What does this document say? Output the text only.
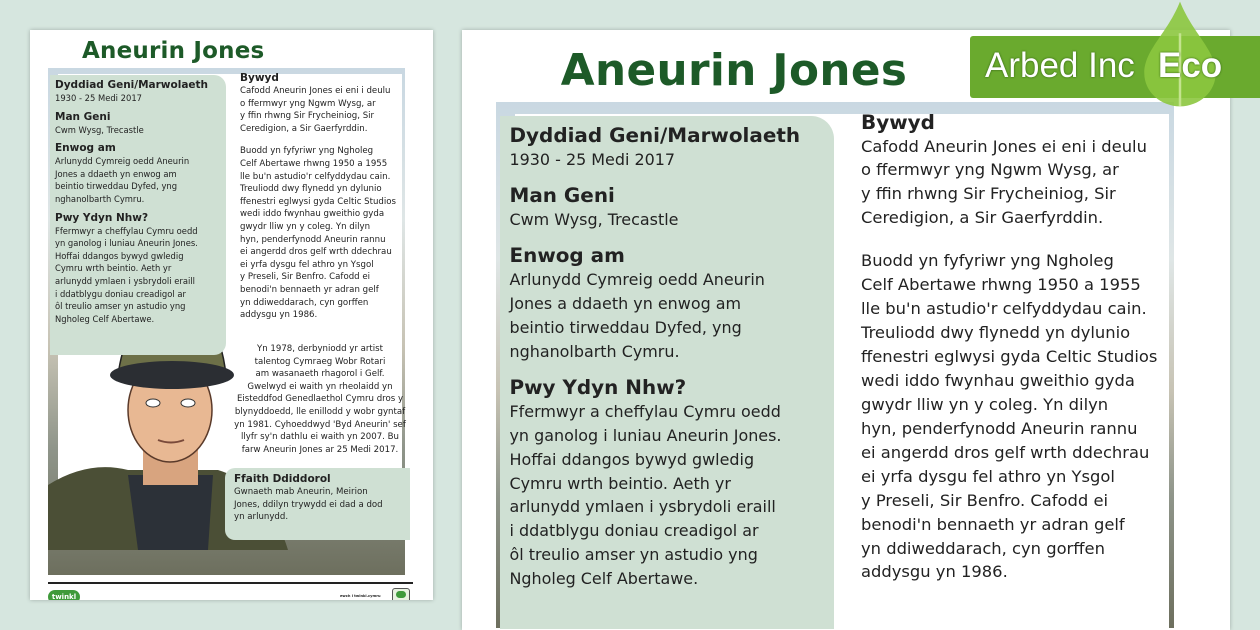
Aneurin Jones
Dyddiad Geni/Marwolaeth
1930 - 25 Medi 2017
Man Geni
Cwm Wysg, Trecastle
Enwog am
Arlunydd Cymreig oedd Aneurin
Jones a ddaeth yn enwog am
beintio tirweddau Dyfed, yng
nghanolbarth Cymru.
Pwy Ydyn Nhw?
Ffermwyr a cheffylau Cymru oedd
yn ganolog i luniau Aneurin Jones.
Hoffai ddangos bywyd gwledig
Cymru wrth beintio. Aeth yr
arlunydd ymlaen i ysbrydoli eraill
i ddatblygu doniau creadigol ar
ôl treulio amser yn astudio yng
Ngholeg Celf Abertawe.
Bywyd
Cafodd Aneurin Jones ei eni i deulu
o ffermwyr yng Ngwm Wysg, ar
y ffin rhwng Sir Frycheiniog, Sir
Ceredigion, a Sir Gaerfyrddin.
Buodd yn fyfyriwr yng Ngholeg
Celf Abertawe rhwng 1950 a 1955
lle bu'n astudio'r celfyddydau cain.
Treuliodd dwy flynedd yn dylunio
ffenestri eglwysi gyda Celtic Studios
wedi iddo fwynhau gweithio gyda
gwydr lliw yn y coleg. Yn dilyn
hyn, penderfynodd Aneurin rannu
ei angerdd dros gelf wrth ddechrau
ei yrfa dysgu fel athro yn Ysgol
y Preseli, Sir Benfro. Cafodd ei
benodi'n bennaeth yr adran gelf
yn ddiweddarach, cyn gorffen
addysgu yn 1986.
Yn 1978, derbyniodd yr artist
talentog Cymraeg Wobr Rotari
am wasanaeth rhagorol i Gelf.
Gwelwyd ei waith yn rheolaidd yn
Eisteddfod Genedlaethol Cymru dros y
blynyddoedd, lle enillodd y wobr gyntaf
yn 1981. Cyhoeddwyd 'Byd Aneurin' sef
llyfr sy'n dathlu ei waith yn 2007. Bu
farw Aneurin Jones ar 25 Medi 2017.
Ffaith Ddiddorol
Gwnaeth mab Aneurin, Meirion
Jones, ddilyn trywydd ei dad a dod
yn arlunydd.
twinkl	ewch i twinkl.cymru
Aneurin Jones
Dyddiad Geni/Marwolaeth
1930 - 25 Medi 2017
Man Geni
Cwm Wysg, Trecastle
Enwog am
Arlunydd Cymreig oedd Aneurin
Jones a ddaeth yn enwog am
beintio tirweddau Dyfed, yng
nghanolbarth Cymru.
Pwy Ydyn Nhw?
Ffermwyr a cheffylau Cymru oedd
yn ganolog i luniau Aneurin Jones.
Hoffai ddangos bywyd gwledig
Cymru wrth beintio. Aeth yr
arlunydd ymlaen i ysbrydoli eraill
i ddatblygu doniau creadigol ar
ôl treulio amser yn astudio yng
Ngholeg Celf Abertawe.
Bywyd
Cafodd Aneurin Jones ei eni i deulu
o ffermwyr yng Ngwm Wysg, ar
y ffin rhwng Sir Frycheiniog, Sir
Ceredigion, a Sir Gaerfyrddin.
Buodd yn fyfyriwr yng Ngholeg
Celf Abertawe rhwng 1950 a 1955
lle bu'n astudio'r celfyddydau cain.
Treuliodd dwy flynedd yn dylunio
ffenestri eglwysi gyda Celtic Studios
wedi iddo fwynhau gweithio gyda
gwydr lliw yn y coleg. Yn dilyn
hyn, penderfynodd Aneurin rannu
ei angerdd dros gelf wrth ddechrau
ei yrfa dysgu fel athro yn Ysgol
y Preseli, Sir Benfro. Cafodd ei
benodi'n bennaeth yr adran gelf
yn ddiweddarach, cyn gorffen
addysgu yn 1986.
Arbed Inc Eco
